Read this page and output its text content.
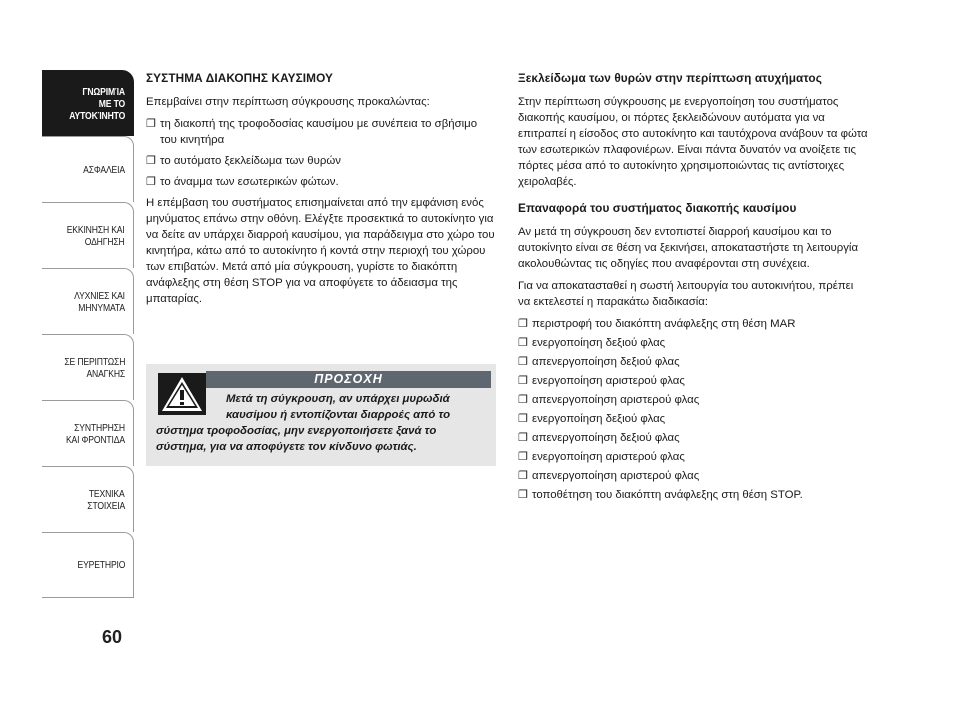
ΓΝΩΡΙΜΊΑ
ΜΕ ΤΟ
ΑΥΤΟΚΊΝΗΤΟ
ΑΣΦΑΛΕΙΑ
ΕΚΚΙΝΗΣΗ ΚΑΙ
ΟΔΗΓΗΣΗ
ΛΥΧΝΙΕΣ ΚΑΙ
ΜΗΝΥΜΑΤΑ
ΣΕ ΠΕΡΙΠΤΩΣΗ
ΑΝΑΓΚΗΣ
ΣΥΝΤΗΡΗΣΗ
ΚΑΙ ΦΡΟΝΤΙΔΑ
ΤΕΧΝΙΚΑ
ΣΤΟΙΧΕΙΑ
ΕΥΡΕΤΗΡΙΟ
60
ΣΥΣΤΗΜΑ ΔΙΑΚΟΠΗΣ ΚΑΥΣΙΜΟΥ

Επεμβαίνει στην περίπτωση σύγκρουσης προκαλώντας:

❐ τη διακοπή της τροφοδοσίας καυσίμου με συνέπεια το σβήσιμο του κινητήρα
❐ το αυτόματο ξεκλείδωμα των θυρών
❐ το άναμμα των εσωτερικών φώτων.

Η επέμβαση του συστήματος επισημαίνεται από την εμφάνιση ενός μηνύματος επάνω στην οθόνη. Ελέγξτε προσεκτικά το αυτοκίνητο για να δείτε αν υπάρχει διαρροή καυσίμου, για παράδειγμα στο χώρο του κινητήρα, κάτω από το αυτοκίνητο ή κοντά στην περιοχή του χώρου των επιβατών. Μετά από μία σύγκρουση, γυρίστε το διακόπτη ανάφλεξης στη θέση STOP για να αποφύγετε το άδειασμα της μπαταρίας.

ΠΡΟΣΟΧΗ
Μετά τη σύγκρουση, αν υπάρχει μυρωδιά καυσίμου ή εντοπίζονται διαρροές από το
σύστημα τροφοδοσίας, μην ενεργοποιήσετε ξανά το σύστημα, για να αποφύγετε τον κίνδυνο φωτιάς.
Ξεκλείδωμα των θυρών στην περίπτωση ατυχήματος

Στην περίπτωση σύγκρουσης με ενεργοποίηση του συστήματος διακοπής καυσίμου, οι πόρτες ξεκλειδώνουν αυτόματα για να επιτραπεί η είσοδος στο αυτοκίνητο και ταυτόχρονα ανάβουν τα φώτα των εσωτερικών πλαφονιέρων. Είναι πάντα δυνατόν να ανοίξετε τις πόρτες μέσα από το αυτοκίνητο χρησιμοποιώντας τις αντίστοιχες χειρολαβές.

Επαναφορά του συστήματος διακοπής καυσίμου

Αν μετά τη σύγκρουση δεν εντοπιστεί διαρροή καυσίμου και το αυτοκίνητο είναι σε θέση να ξεκινήσει, αποκαταστήστε τη λειτουργία ακολουθώντας τις οδηγίες που αναφέρονται στη συνέχεια.

Για να αποκατασταθεί η σωστή λειτουργία του αυτοκινήτου, πρέπει να εκτελεστεί η παρακάτω διαδικασία:

❐ περιστροφή του διακόπτη ανάφλεξης στη θέση MAR
❐ ενεργοποίηση δεξιού φλας
❐ απενεργοποίηση δεξιού φλας
❐ ενεργοποίηση αριστερού φλας
❐ απενεργοποίηση αριστερού φλας
❐ ενεργοποίηση δεξιού φλας
❐ απενεργοποίηση δεξιού φλας
❐ ενεργοποίηση αριστερού φλας
❐ απενεργοποίηση αριστερού φλας
❐ τοποθέτηση του διακόπτη ανάφλεξης στη θέση STOP.
